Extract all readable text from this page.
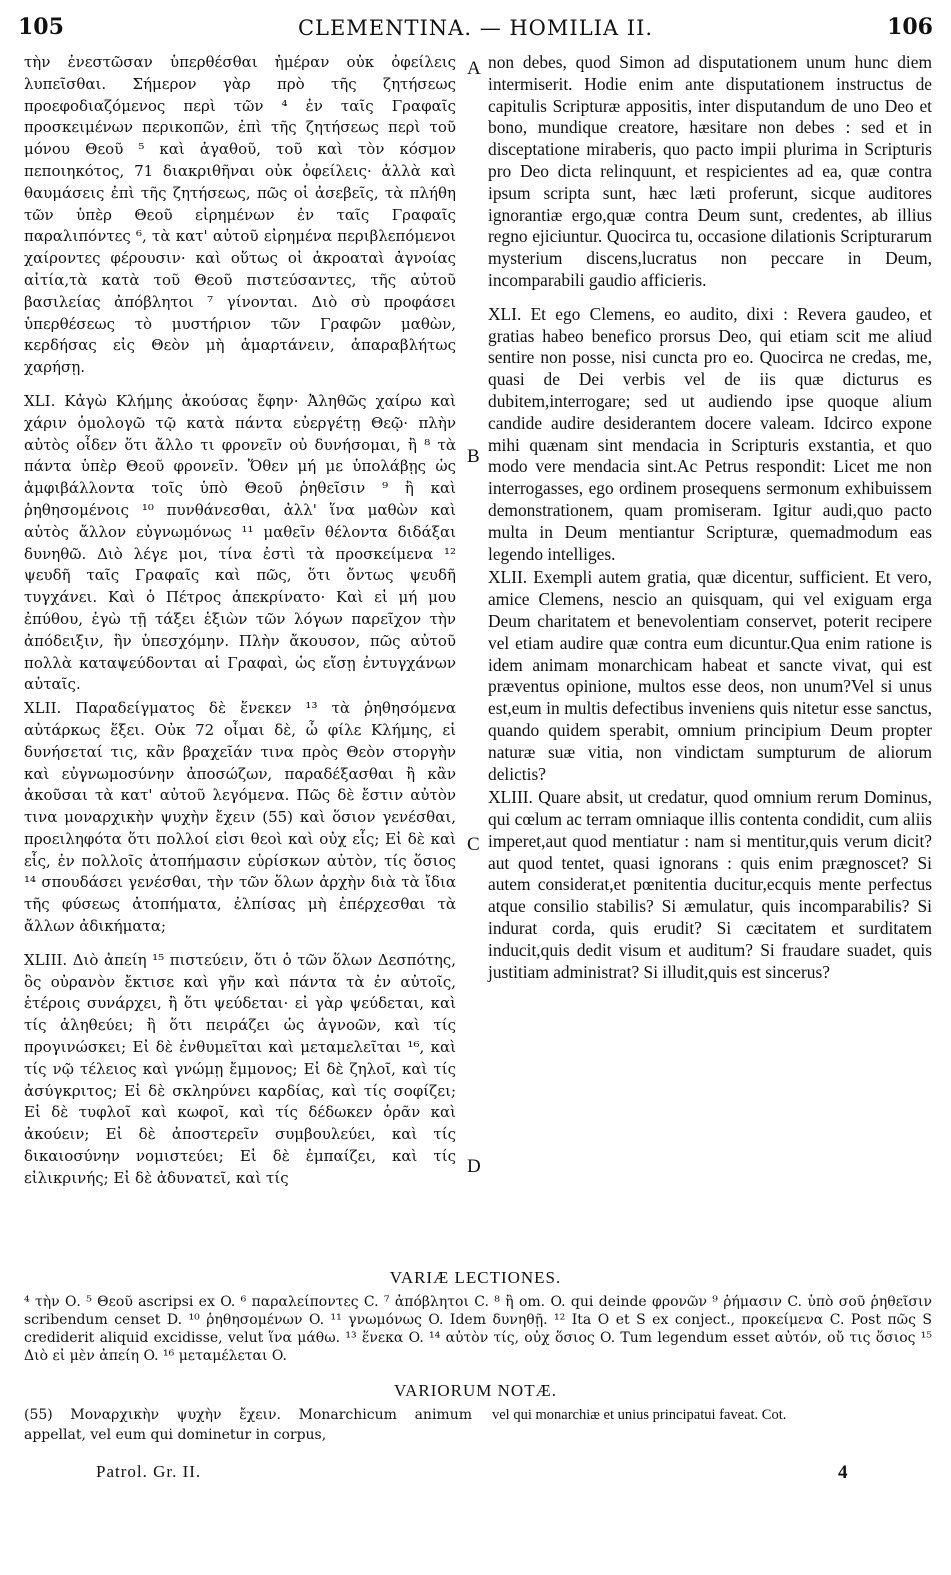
105	CLEMENTINA. — HOMILIA II.	106

τὴν ἐνεστῶσαν ὑπερθέσθαι ἡμέραν οὐκ ὀφείλεις λυπεῖσθαι. Σήμερον γὰρ πρὸ τῆς ζητήσεως προεφοδιαζόμενος περὶ τῶν ⁴ ἐν ταῖς Γραφαῖς προσκειμένων περικοπῶν, ἐπὶ τῆς ζητήσεως περὶ τοῦ μόνου Θεοῦ ⁵ καὶ ἀγαθοῦ, τοῦ καὶ τὸν κόσμον πεποιηκότος, 71 διακριθῆναι οὐκ ὀφείλεις· ἀλλὰ καὶ θαυμάσεις ἐπὶ τῆς ζητήσεως, πῶς οἱ ἀσεβεῖς, τὰ πλήθη τῶν ὑπὲρ Θεοῦ εἰρημένων ἐν ταῖς Γραφαῖς παραλιπόντες ⁶, τὰ κατ' αὐτοῦ εἰρημένα περιβλεπόμενοι χαίροντες φέρουσιν· καὶ οὕτως οἱ ἀκροαταὶ ἀγνοίας αἰτία,τὰ κατὰ τοῦ Θεοῦ πιστεύσαντες, τῆς αὐτοῦ βασιλείας ἀπόβλητοι ⁷ γίνονται. Διὸ σὺ προφάσει ὑπερθέσεως τὸ μυστήριον τῶν Γραφῶν μαθὼν, κερδήσας εἰς Θεὸν μὴ ἁμαρτάνειν, ἀπαραβλήτως χαρήσῃ.

XLI. Κἀγὼ Κλήμης ἀκούσας ἔφην· Ἀληθῶς χαίρω καὶ χάριν ὁμολογῶ τῷ κατὰ πάντα εὐεργέτῃ Θεῷ· πλὴν αὐτὸς οἶδεν ὅτι ἄλλο τι φρονεῖν οὐ δυνήσομαι, ἢ ⁸ τὰ πάντα ὑπὲρ Θεοῦ φρονεῖν. Ὅθεν μή με ὑπολάβῃς ὡς ἀμφιβάλλοντα τοῖς ὑπὸ Θεοῦ ῥηθεῖσιν ⁹ ἢ καὶ ῥηθησομένοις ¹⁰ πυνθάνεσθαι, ἀλλ' ἵνα μαθὼν καὶ αὐτὸς ἄλλον εὐγνωμόνως ¹¹ μαθεῖν θέλοντα διδάξαι δυνηθῶ. Διὸ λέγε μοι, τίνα ἐστὶ τὰ προσκείμενα ¹² ψευδῆ ταῖς Γραφαῖς καὶ πῶς, ὅτι ὄντως ψευδῆ τυγχάνει. Καὶ ὁ Πέτρος ἀπεκρίνατο· Καὶ εἰ μή μου ἐπύθου, ἐγὼ τῇ τάξει ἑξιὼν τῶν λόγων παρεῖχον τὴν ἀπόδειξιν, ἣν ὑπεσχόμην. Πλὴν ἄκουσον, πῶς αὐτοῦ πολλὰ καταψεύδονται αἱ Γραφαὶ, ὡς εἴσῃ ἐντυγχάνων αὐταῖς.

XLII. Παραδείγματος δὲ ἕνεκεν ¹³ τὰ ῥηθησόμενα αὐτάρκως ἕξει. Οὐκ 72 οἶμαι δὲ, ὦ φίλε Κλήμης, εἰ δυνήσεταί τις, κἂν βραχεῖάν τινα πρὸς Θεὸν στοργὴν καὶ εὐγνωμοσύνην ἀποσώζων, παραδέξασθαι ἢ κἂν ἀκοῦσαι τὰ κατ' αὐτοῦ λεγόμενα. Πῶς δὲ ἔστιν αὐτὸν τινα μοναρχικὴν ψυχὴν ἔχειν (55) καὶ ὅσιον γενέσθαι, προειληφότα ὅτι πολλοί εἰσι θεοὶ καὶ οὐχ εἷς; Εἰ δὲ καὶ εἷς, ἐν πολλοῖς ἀτοπήμασιν εὑρίσκων αὐτὸν, τίς ὅσιος ¹⁴ σπουδάσει γενέσθαι, τὴν τῶν ὅλων ἀρχὴν διὰ τὰ ἴδια τῆς φύσεως ἀτοπήματα, ἐλπίσας μὴ ἐπέρχεσθαι τὰ ἄλλων ἀδικήματα;

XLIII. Διὸ ἀπείη ¹⁵ πιστεύειν, ὅτι ὁ τῶν ὅλων Δεσπότης, ὃς οὐρανὸν ἔκτισε καὶ γῆν καὶ πάντα τὰ ἐν αὐτοῖς, ἑτέροις συνάρχει, ἢ ὅτι ψεύδεται· εἰ γὰρ ψεύδεται, καὶ τίς ἀληθεύει; ἢ ὅτι πειράζει ὡς ἀγνοῶν, καὶ τίς προγινώσκει; Εἰ δὲ ἐνθυμεῖται καὶ μεταμελεῖται ¹⁶, καὶ τίς νῷ τέλειος καὶ γνώμῃ ἔμμονος; Εἰ δὲ ζηλοῖ, καὶ τίς ἀσύγκριτος; Εἰ δὲ σκληρύνει καρδίας, καὶ τίς σοφίζει; Εἰ δὲ τυφλοῖ καὶ κωφοῖ, καὶ τίς δέδωκεν ὁρᾶν καὶ ἀκούειν; Εἰ δὲ ἀποστερεῖν συμβουλεύει, καὶ τίς δικαιοσύνην νομιστεύει; Εἰ δὲ ἐμπαίζει, καὶ τίς εἰλικρινής; Εἰ δὲ ἀδυνατεῖ, καὶ τίς

non debes, quod Simon ad disputationem unum hunc diem intermiserit. Hodie enim ante disputationem instructus de capitulis Scripturæ appositis, inter disputandum de uno Deo et bono, mundique creatore, hæsitare non debes : sed et in disceptatione miraberis, quo pacto impii plurima in Scripturis pro Deo dicta relinquunt, et respicientes ad ea, quæ contra ipsum scripta sunt, hæc læti proferunt, sicque auditores ignorantiæ ergo,quæ contra Deum sunt, credentes, ab illius regno ejiciuntur. Quocirca tu, occasione dilationis Scripturarum mysterium discens,lucratus non peccare in Deum, incomparabili gaudio afficieris.

XLI. Et ego Clemens, eo audito, dixi : Revera gaudeo, et gratias habeo benefico prorsus Deo, qui etiam scit me aliud sentire non posse, nisi cuncta pro eo. Quocirca ne credas, me, quasi de Dei verbis vel de iis quæ dicturus es dubitem,interrogare; sed ut audiendo ipse quoque alium candide audire desiderantem docere valeam. Idcirco expone mihi quænam sint mendacia in Scripturis exstantia, et quo modo vere mendacia sint.Ac Petrus respondit: Licet me non interrogasses, ego ordinem prosequens sermonum exhibuissem demonstrationem, quam promiseram. Igitur audi,quo pacto multa in Deum mentiantur Scripturæ, quemadmodum eas legendo intelliges.

XLII. Exempli autem gratia, quæ dicentur, sufficient. Et vero, amice Clemens, nescio an quisquam, qui vel exiguam erga Deum charitatem et benevolentiam conservet, poterit recipere vel etiam audire quæ contra eum dicuntur.Qua enim ratione is idem animam monarchicam habeat et sancte vivat, qui est præventus opinione, multos esse deos, non unum?Vel si unus est,eum in multis defectibus inveniens quis nitetur esse sanctus, quando quidem sperabit, omnium principium Deum propter naturæ suæ vitia, non vindictam sumpturum de aliorum delictis?

XLIII. Quare absit, ut credatur, quod omnium rerum Dominus, qui cœlum ac terram omniaque illis contenta condidit, cum aliis imperet,aut quod mentiatur : nam si mentitur,quis verum dicit? aut quod tentet, quasi ignorans : quis enim prægnoscet? Si autem considerat,et pœnitentia ducitur,ecquis mente perfectus atque consilio stabilis? Si æmulatur, quis incomparabilis? Si indurat corda, quis erudit? Si cæcitatem et surditatem inducit,quis dedit visum et auditum? Si fraudare suadet, quis justitiam administrat? Si illudit,quis est sincerus?

A
B
C
D
VARIÆ LECTIONES.
⁴ τὴν Ο. ⁵ Θεοῦ ascripsi ex O. ⁶ παραλείποντες C. ⁷ ἀπόβλητοι C. ⁸ ἢ om. O. qui deinde φρονῶν ⁹ ῥήμασιν C. ὑπὸ σοῦ ῥηθεῖσιν scribendum censet D. ¹⁰ ῥηθησομένων O. ¹¹ γνωμόνως O. Idem δυνηθῇ. ¹² Ita O et S ex conject., προκείμενα C. Post πῶς S crediderit aliquid excidisse, velut ἵνα μάθω. ¹³ ἕνεκα O. ¹⁴ αὐτὸν τίς, οὐχ ὅσιος O. Tum legendum esset αὐτόν, οὔ τις ὅσιος ¹⁵ Διὸ εἰ μὲν ἀπείη O. ¹⁶ μεταμέλεται O.
VARIORUM NOTÆ.
(55) Μοναρχικὴν ψυχὴν ἔχειν. Monarchicum animum appellat, vel eum qui dominetur in corpus,
vel qui monarchiæ et unius principatui faveat. Cot.
Patrol. Gr. II.	4
